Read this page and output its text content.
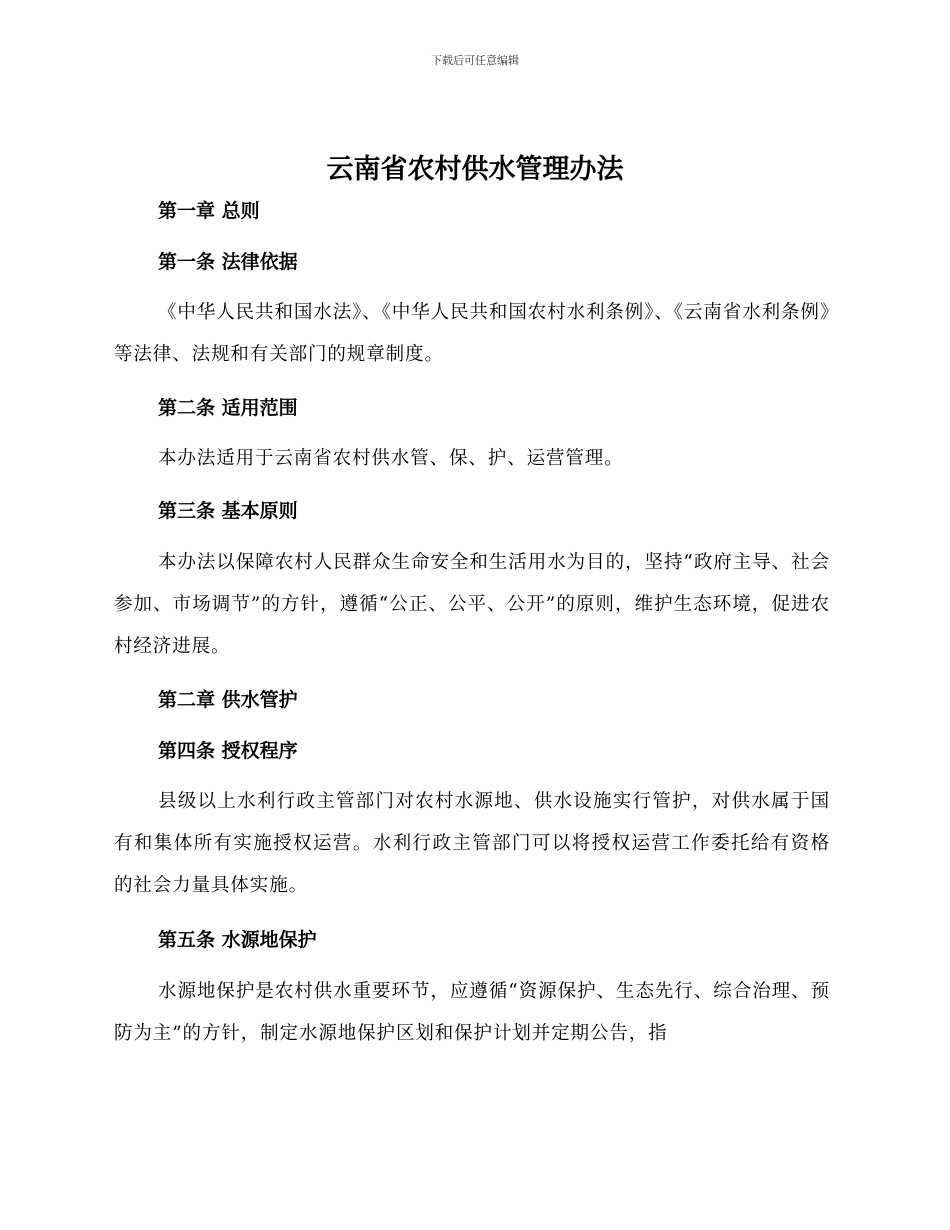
下载后可任意编辑
云南省农村供水管理办法
第一章 总则
第一条 法律依据
《中华人民共和国水法》、《中华人民共和国农村水利条例》、《云南省水利条例》等法律、法规和有关部门的规章制度。
第二条 适用范围
本办法适用于云南省农村供水管、保、护、运营管理。
第三条 基本原则
本办法以保障农村人民群众生命安全和生活用水为目的，坚持“政府主导、社会参加、市场调节”的方针，遵循“公正、公平、公开”的原则，维护生态环境，促进农村经济进展。
第二章 供水管护
第四条 授权程序
县级以上水利行政主管部门对农村水源地、供水设施实行管护，对供水属于国有和集体所有实施授权运营。水利行政主管部门可以将授权运营工作委托给有资格的社会力量具体实施。
第五条 水源地保护
水源地保护是农村供水重要环节，应遵循“资源保护、生态先行、综合治理、预防为主”的方针，制定水源地保护区划和保护计划并定期公告，指
